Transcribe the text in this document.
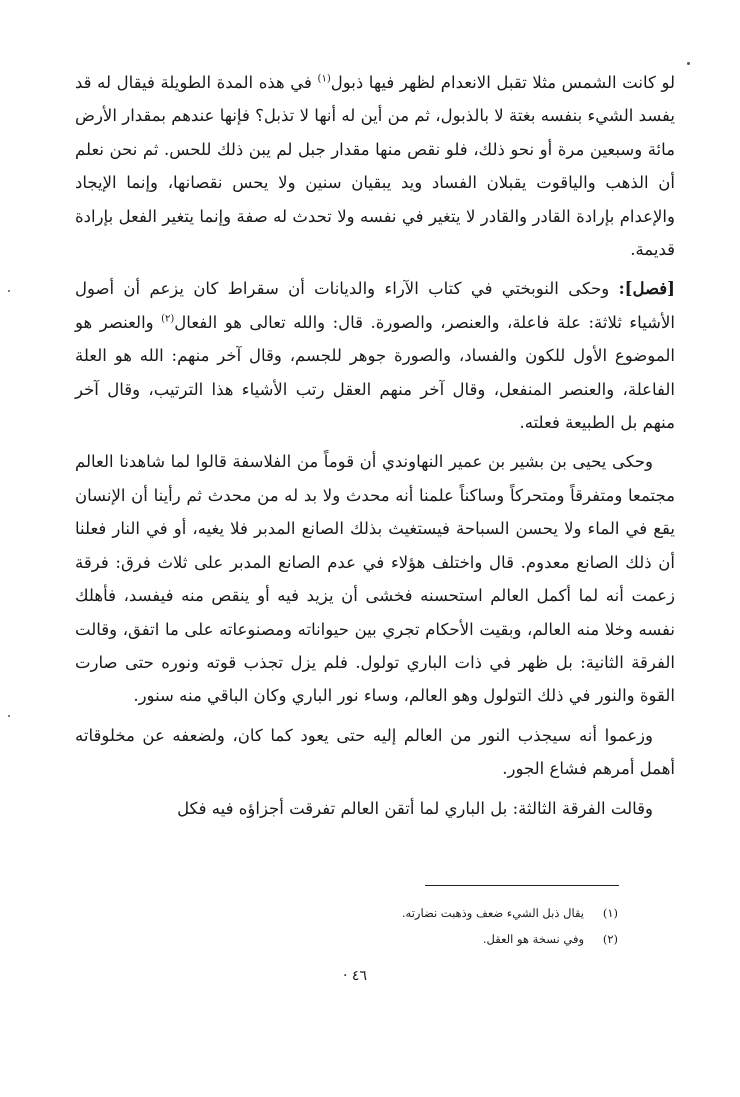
لو كانت الشمس مثلا تقبل الانعدام لظهر فيها ذبول$^{(١)}$ في هذه المدة الطويلة فيقال له قد يفسد الشيء بنفسه بغتة لا بالذبول، ثم من أين له أنها لا تذبل؟ فإنها عندهم بمقدار الأرض مائة وسبعين مرة أو نحو ذلك، فلو نقص منها مقدار جبل لم يبن ذلك للحس. ثم نحن نعلم أن الذهب والياقوت يقبلان الفساد ويد يبقيان سنين ولا يحس نقصانها، وإنما الإيجاد والإعدام بإرادة القادر والقادر لا يتغير في نفسه ولا تحدث له صفة وإنما يتغير الفعل بإرادة قديمة.

[فصل]: وحكى النوبختي في كتاب الآراء والديانات أن سقراط كان يزعم أن أصول الأشياء ثلاثة: علة فاعلة، والعنصر، والصورة. قال: والله تعالى هو الفعال$^{(٢)}$ والعنصر هو الموضوع الأول للكون والفساد، والصورة جوهر للجسم، وقال آخر منهم: الله هو العلة الفاعلة، والعنصر المنفعل، وقال آخر منهم العقل رتب الأشياء هذا الترتيب، وقال آخر منهم بل الطبيعة فعلته.

وحكى يحيى بن بشير بن عمير النهاوندي أن قوماً من الفلاسفة قالوا لما شاهدنا العالم مجتمعا ومتفرقاً ومتحركاً وساكناً علمنا أنه محدث ولا بد له من محدث ثم رأينا أن الإنسان يقع في الماء ولا يحسن السباحة فيستغيث بذلك الصانع المدبر فلا يغيه، أو في النار فعلنا أن ذلك الصانع معدوم. قال واختلف هؤلاء في عدم الصانع المدبر على ثلاث فرق: فرقة زعمت أنه لما أكمل العالم استحسنه فخشى أن يزيد فيه أو ينقص منه فيفسد، فأهلك نفسه وخلا منه العالم، وبقيت الأحكام تجري بين حيواناته ومصنوعاته على ما اتفق، وقالت الفرقة الثانية: بل ظهر في ذات الباري تولول. فلم يزل تجذب قوته ونوره حتى صارت القوة والنور في ذلك التولول وهو العالم، وساء نور الباري وكان الباقي منه سنور.

وزعموا أنه سيجذب النور من العالم إليه حتى يعود كما كان، ولضعفه عن مخلوقاته أهمل أمرهم فشاع الجور.

وقالت الفرقة الثالثة: بل الباري لما أتقن العالم تفرقت أجزاؤه فيه فكل

(١)يقال ذبل الشيء ضعف وذهبت نضارته.
(٢)وفي نسخة هو العقل.
٤٦ ·
